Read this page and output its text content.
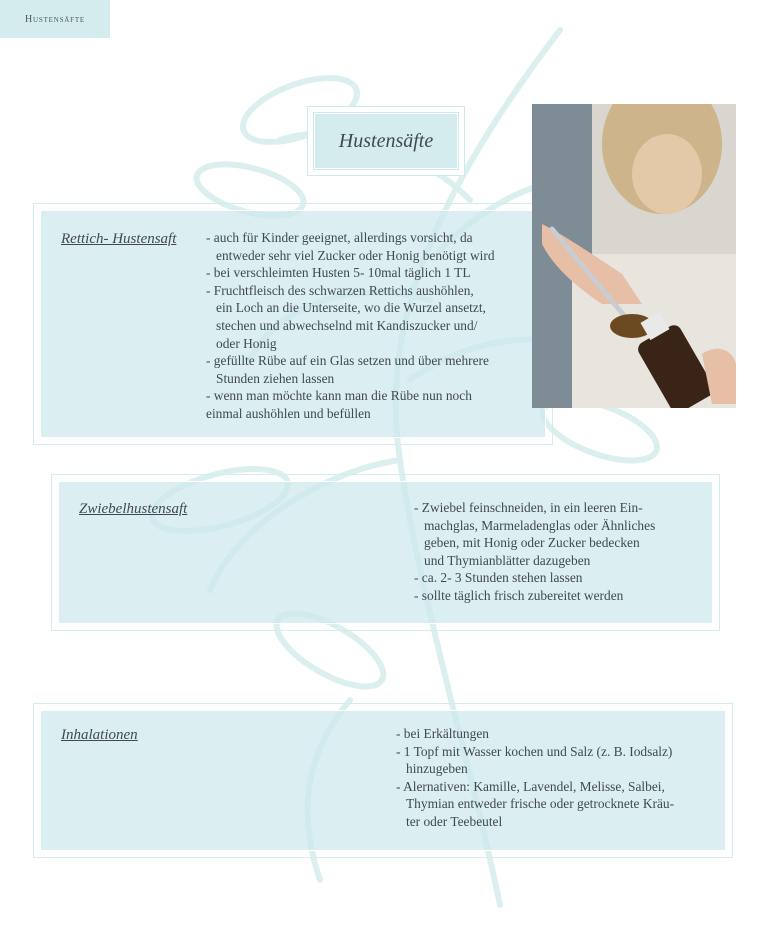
Hustensäfte
Hustensäfte
Rettich- Hustensaft - auch für Kinder geeignet, allerdings vorsicht, da
entweder sehr viel Zucker oder Honig benötigt wird
- bei verschleimten Husten 5- 10mal täglich 1 TL
- Fruchtfleisch des schwarzen Rettichs aushöhlen,
ein Loch an die Unterseite, wo die Wurzel ansetzt,
stechen und abwechselnd mit Kandiszucker und/
oder Honig
- gefüllte Rübe auf ein Glas setzen und über mehrere
Stunden ziehen lassen
- wenn man möchte kann man die Rübe nun noch
einmal aushöhlen und befüllen
Zwiebelhustensaft	- Zwiebel feinschneiden, in ein leeren Ein-
machglas, Marmeladenglas oder Ähnliches
geben, mit Honig oder Zucker bedecken
und Thymianblätter dazugeben
- ca. 2- 3 Stunden stehen lassen
- sollte täglich frisch zubereitet werden
Inhalationen	- bei Erkältungen
- 1 Topf mit Wasser kochen und Salz (z. B. Iodsalz)
hinzugeben
- Alernativen: Kamille, Lavendel, Melisse, Salbei,
Thymian entweder frische oder getrocknete Kräu-
ter oder Teebeutel
